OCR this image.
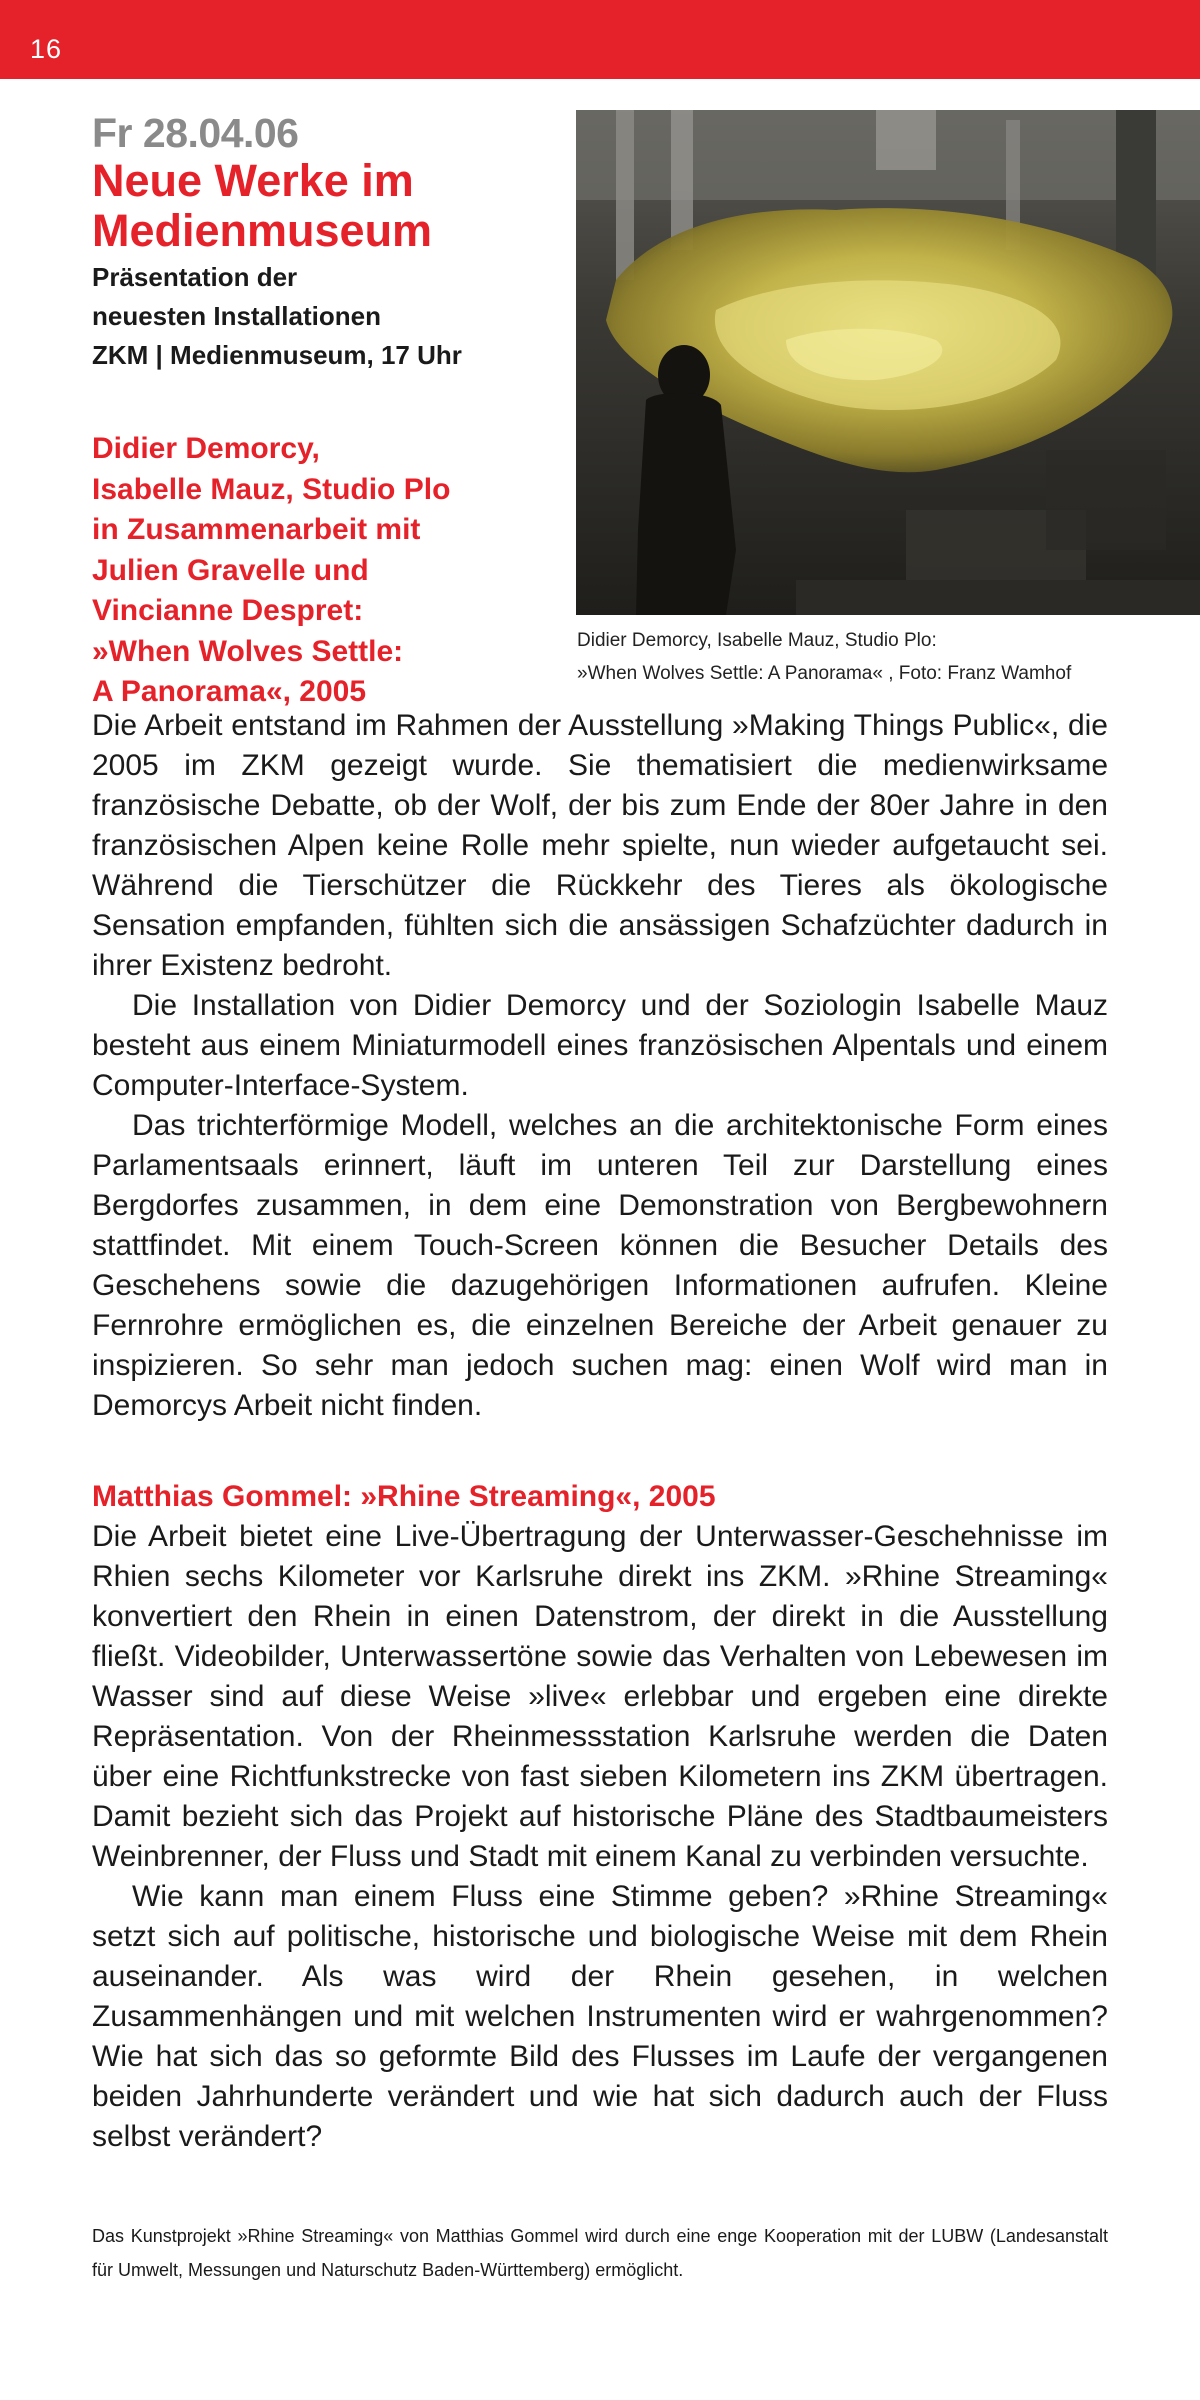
16
Fr 28.04.06
Neue Werke im
Medienmuseum
Präsentation der
neuesten Installationen
ZKM | Medienmuseum, 17 Uhr
Didier Demorcy, Isabelle Mauz, Studio Plo:
»When Wolves Settle: A Panorama« , Foto: Franz Wamhof
Didier Demorcy,
Isabelle Mauz, Studio Plo
in Zusammenarbeit mit
Julien Gravelle und
Vincianne Despret:
»When Wolves Settle:
A Panorama«, 2005

Die Arbeit entstand im Rahmen der Ausstellung »Making Things Public«, die 2005 im ZKM gezeigt wurde. Sie thematisiert die medienwirksame französische Debatte, ob der Wolf, der bis zum Ende der 80er Jahre in den französischen Alpen keine Rolle mehr spielte, nun wieder aufgetaucht sei. Während die Tierschützer die Rückkehr des Tieres als ökologische Sensation empfanden, fühlten sich die ansässigen Schafzüchter dadurch in ihrer Existenz bedroht.

Die Installation von Didier Demorcy und der Soziologin Isabelle Mauz besteht aus einem Miniaturmodell eines französischen Alpentals und einem Computer-Interface-System.

Das trichterförmige Modell, welches an die architektonische Form eines Parlamentsaals erinnert, läuft im unteren Teil zur Darstellung eines Bergdorfes zusammen, in dem eine Demonstration von Bergbewohnern stattfindet. Mit einem Touch-Screen können die Besucher Details des Geschehens sowie die dazugehörigen Informationen aufrufen. Kleine Fernrohre ermöglichen es, die einzelnen Bereiche der Arbeit genauer zu inspizieren. So sehr man jedoch suchen mag: einen Wolf wird man in Demorcys Arbeit nicht finden.

Matthias Gommel: »Rhine Streaming«, 2005

Die Arbeit bietet eine Live-Übertragung der Unterwasser-Geschehnisse im Rhien sechs Kilometer vor Karlsruhe direkt ins ZKM. »Rhine Streaming« konvertiert den Rhein in einen Datenstrom, der direkt in die Ausstellung fließt. Videobilder, Unterwassertöne sowie das Verhalten von Lebewesen im Wasser sind auf diese Weise »live« erlebbar und ergeben eine direkte Repräsentation. Von der Rheinmessstation Karlsruhe werden die Daten über eine Richtfunkstrecke von fast sieben Kilometern ins ZKM übertragen. Damit bezieht sich das Projekt auf historische Pläne des Stadtbaumeisters Weinbrenner, der Fluss und Stadt mit einem Kanal zu verbinden versuchte.

Wie kann man einem Fluss eine Stimme geben? »Rhine Streaming« setzt sich auf politische, historische und biologische Weise mit dem Rhein auseinander. Als was wird der Rhein gesehen, in welchen Zusammenhängen und mit welchen Instrumenten wird er wahrgenommen? Wie hat sich das so geformte Bild des Flusses im Laufe der vergangenen beiden Jahrhunderte verändert und wie hat sich dadurch auch der Fluss selbst verändert?

Das Kunstprojekt »Rhine Streaming« von Matthias Gommel wird durch eine enge Kooperation mit der LUBW (Landesanstalt für Umwelt, Messungen und Naturschutz Baden-Württemberg) ermöglicht.
